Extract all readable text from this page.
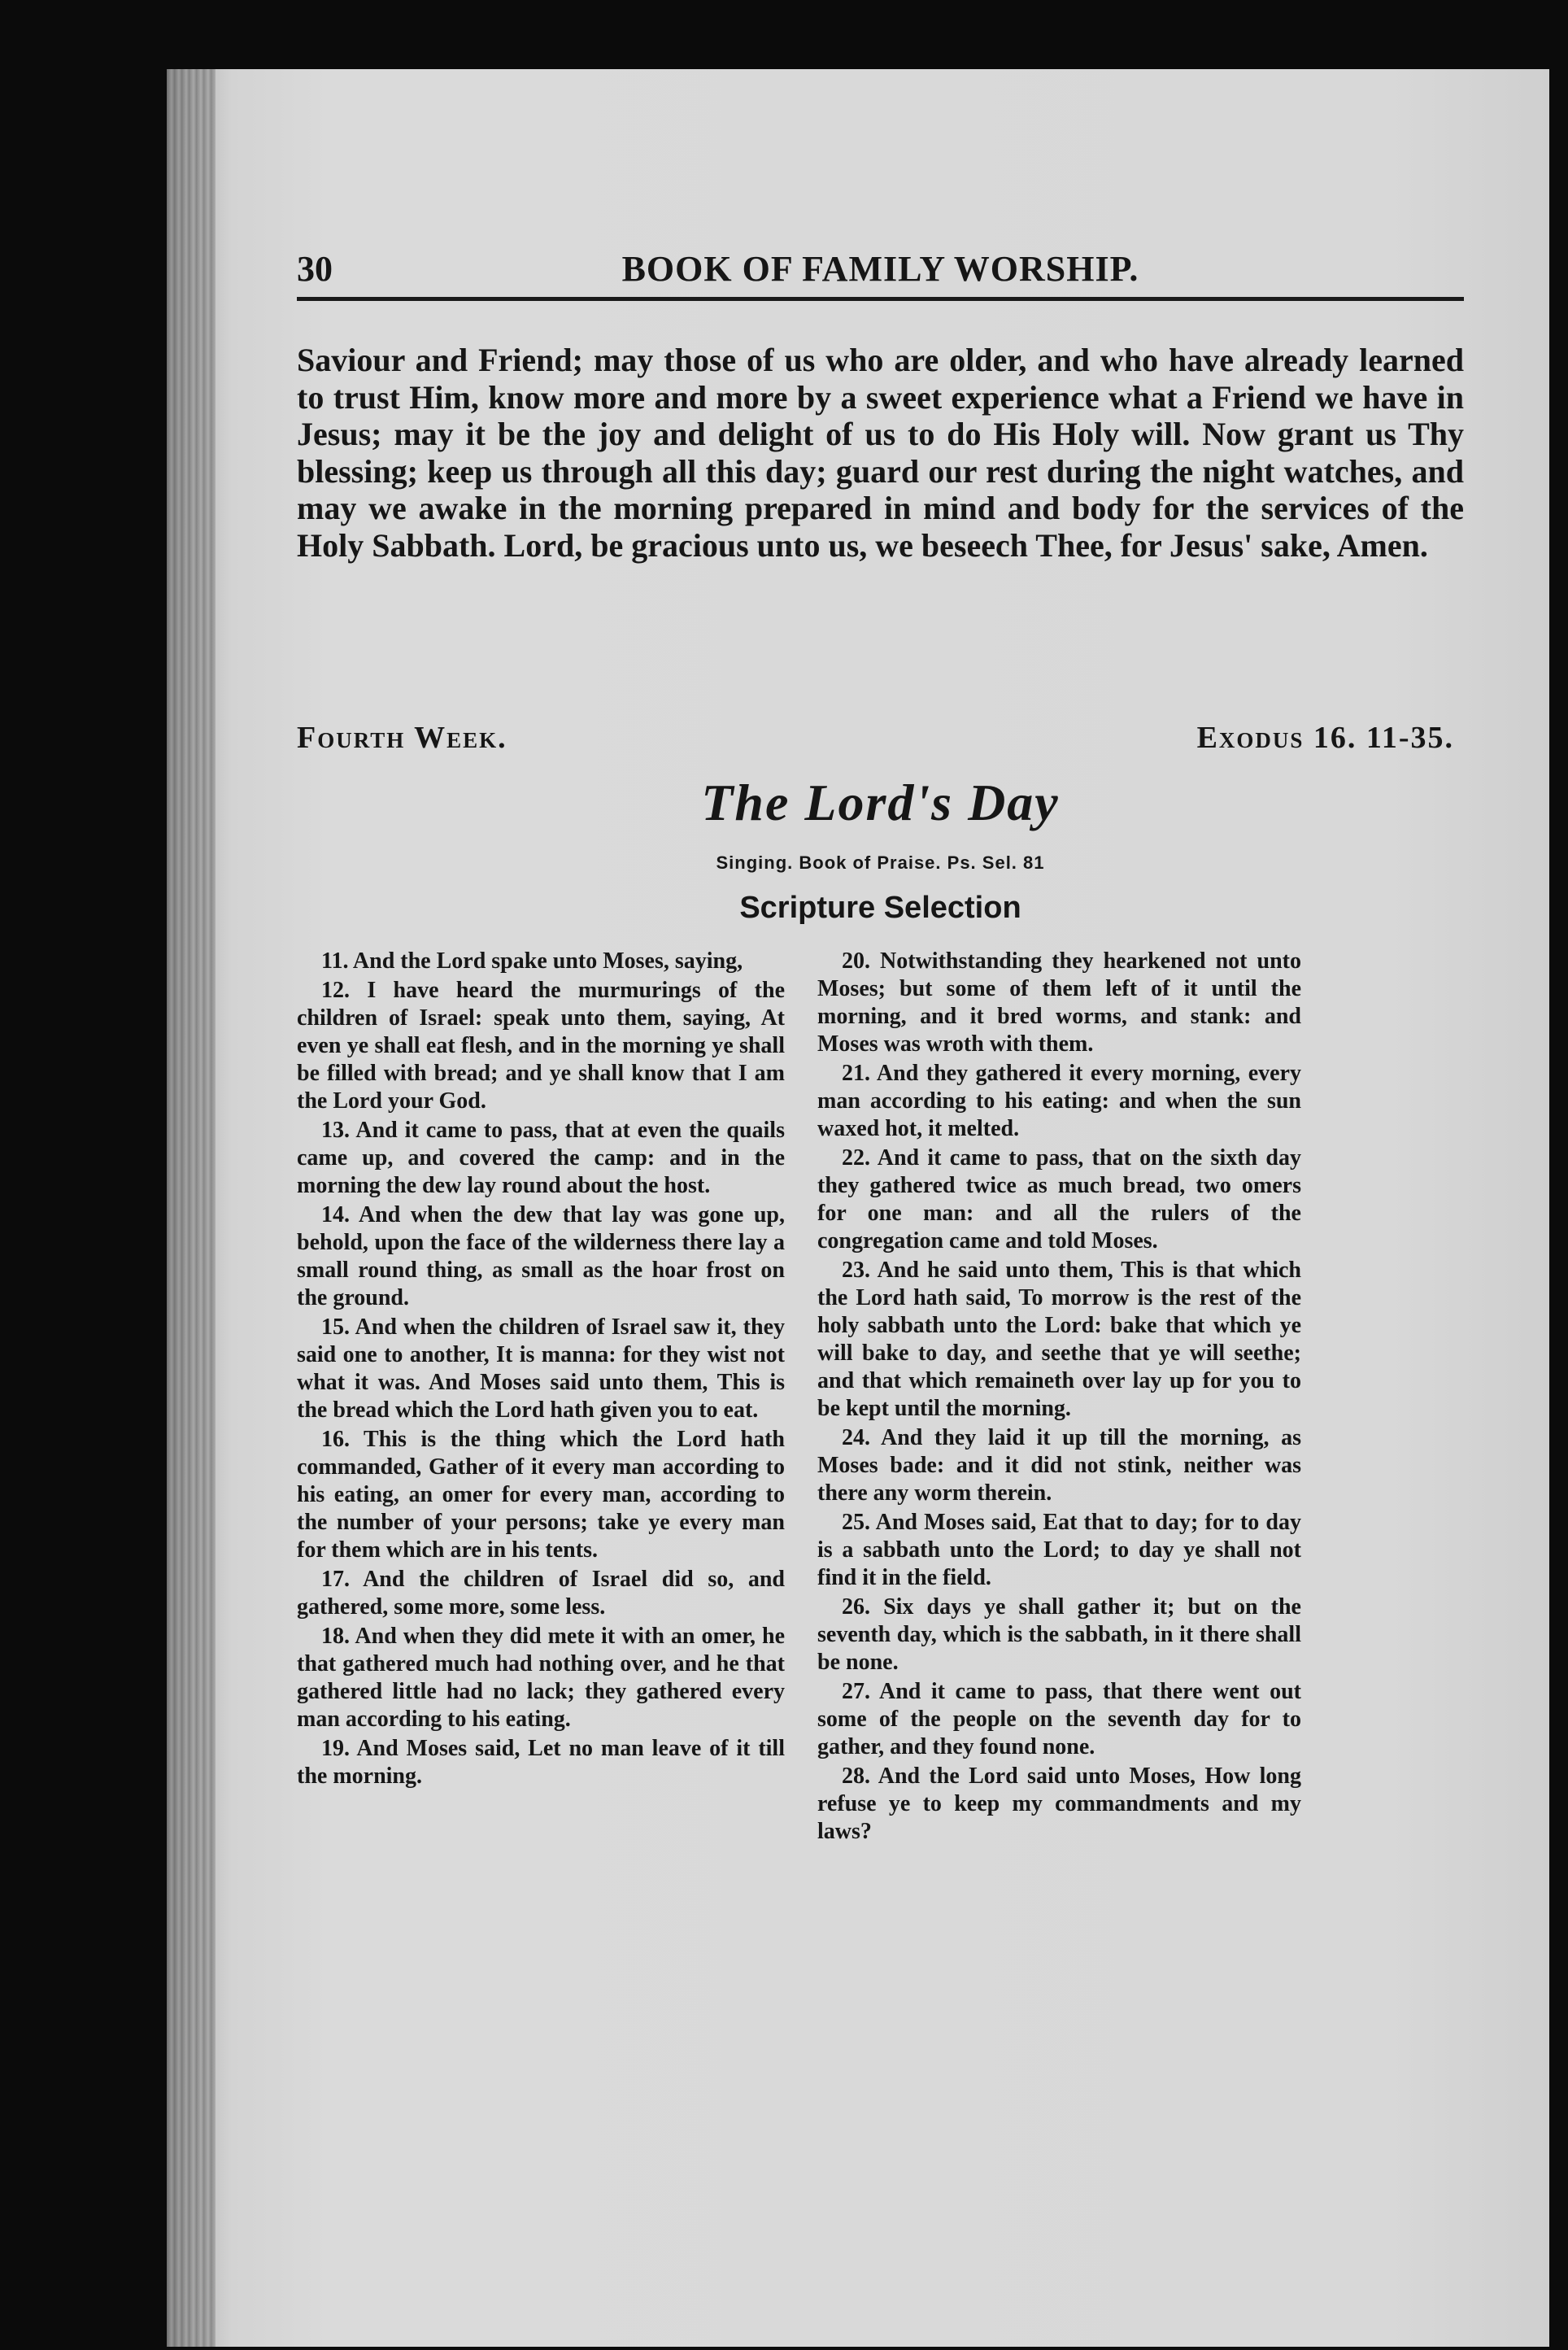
30	BOOK OF FAMILY WORSHIP.

Saviour and Friend; may those of us who are older, and who have already learned to trust Him, know more and more by a sweet experience what a Friend we have in Jesus; may it be the joy and delight of us to do His Holy will. Now grant us Thy blessing; keep us through all this day; guard our rest during the night watches, and may we awake in the morning prepared in mind and body for the services of the Holy Sabbath. Lord, be gracious unto us, we beseech Thee, for Jesus' sake, Amen.

Fourth Week.	Exodus 16. 11-35.
The Lord's Day
Singing. Book of Praise. Ps. Sel. 81
Scripture Selection

11. And the Lord spake unto Moses, saying,

12. I have heard the murmurings of the children of Israel: speak unto them, saying, At even ye shall eat flesh, and in the morning ye shall be filled with bread; and ye shall know that I am the Lord your God.

13. And it came to pass, that at even the quails came up, and covered the camp: and in the morning the dew lay round about the host.

14. And when the dew that lay was gone up, behold, upon the face of the wilderness there lay a small round thing, as small as the hoar frost on the ground.

15. And when the children of Israel saw it, they said one to another, It is manna: for they wist not what it was. And Moses said unto them, This is the bread which the Lord hath given you to eat.

16. This is the thing which the Lord hath commanded, Gather of it every man according to his eating, an omer for every man, according to the number of your persons; take ye every man for them which are in his tents.

17. And the children of Israel did so, and gathered, some more, some less.

18. And when they did mete it with an omer, he that gathered much had nothing over, and he that gathered little had no lack; they gathered every man according to his eating.

19. And Moses said, Let no man leave of it till the morning.

20. Notwithstanding they hearkened not unto Moses; but some of them left of it until the morning, and it bred worms, and stank: and Moses was wroth with them.

21. And they gathered it every morning, every man according to his eating: and when the sun waxed hot, it melted.

22. And it came to pass, that on the sixth day they gathered twice as much bread, two omers for one man: and all the rulers of the congregation came and told Moses.

23. And he said unto them, This is that which the Lord hath said, To morrow is the rest of the holy sabbath unto the Lord: bake that which ye will bake to day, and seethe that ye will seethe; and that which remaineth over lay up for you to be kept until the morning.

24. And they laid it up till the morning, as Moses bade: and it did not stink, neither was there any worm therein.

25. And Moses said, Eat that to day; for to day is a sabbath unto the Lord; to day ye shall not find it in the field.

26. Six days ye shall gather it; but on the seventh day, which is the sabbath, in it there shall be none.

27. And it came to pass, that there went out some of the people on the seventh day for to gather, and they found none.

28. And the Lord said unto Moses, How long refuse ye to keep my commandments and my laws?
